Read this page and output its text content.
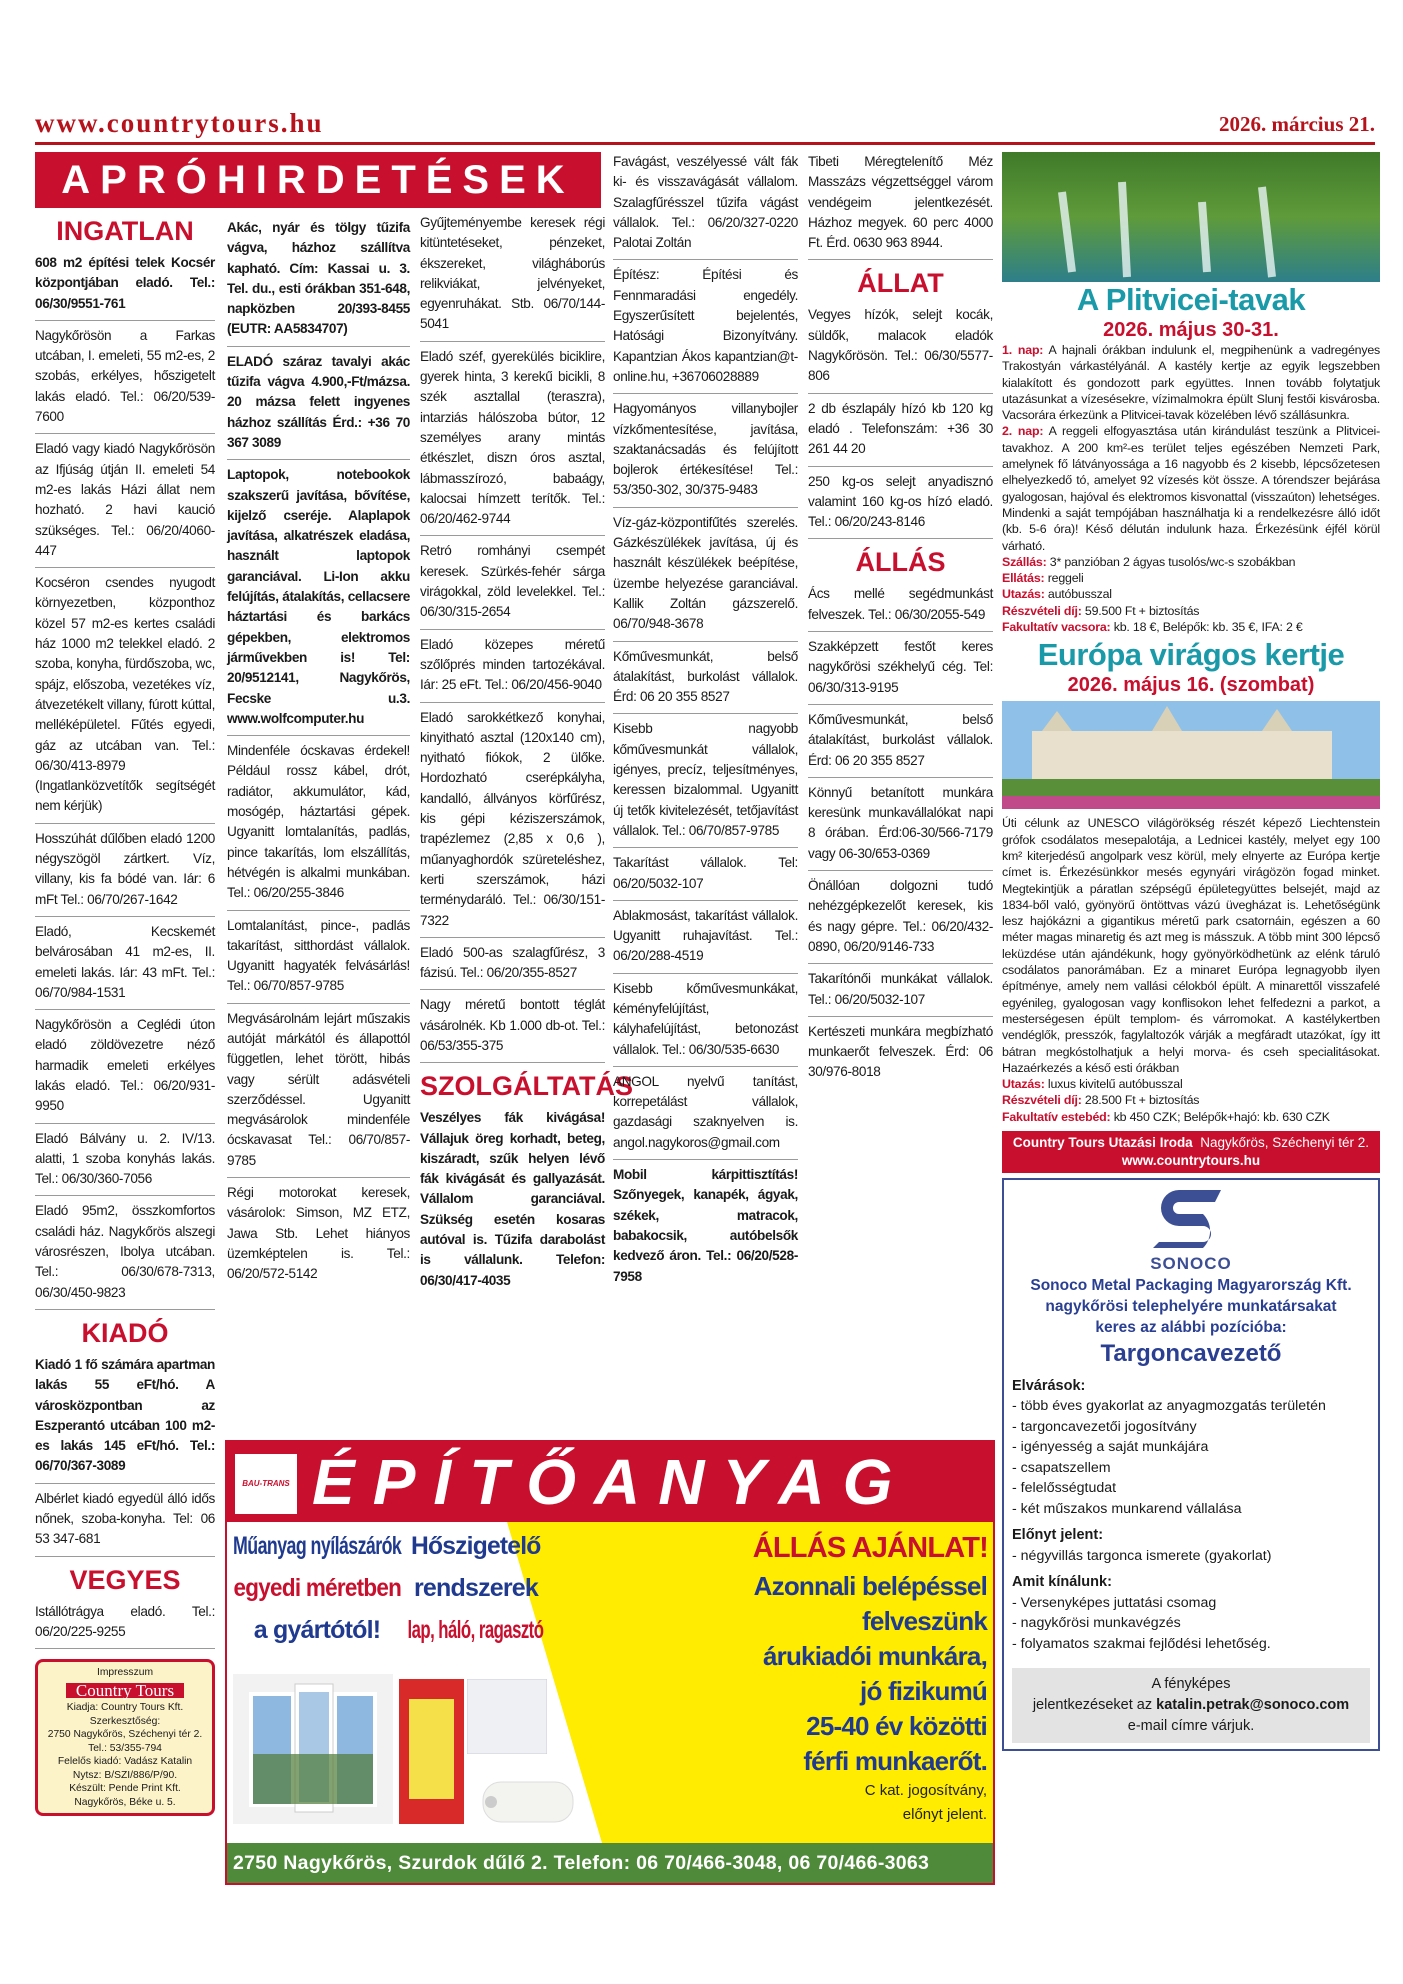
www.countrytours.hu	2026. március 21.
APRÓHIRDETÉSEK
INGATLAN
608 m2 építési telek Kocsér központjában eladó. Tel.: 06/30/9551-761
Nagykőrösön a Farkas utcában, I. emeleti, 55 m2-es, 2 szobás, erkélyes, hőszigetelt lakás eladó. Tel.: 06/20/539-7600
Eladó vagy kiadó Nagykőrösön az Ifjúság útján II. emeleti 54 m2-es lakás Házi állat nem hozható. 2 havi kaució szükséges. Tel.: 06/20/4060-447
Kocséron csendes nyugodt környezetben, központhoz közel 57 m2-es kertes családi ház 1000 m2 telekkel eladó. 2 szoba, konyha, fürdőszoba, wc, spájz, előszoba, vezetékes víz, átvezetékelt villany, fúrott kúttal, melléképületel. Fűtés egyedi, gáz az utcában van. Tel.: 06/30/413-8979 (Ingatlanközvetítők segítségét nem kérjük)
Hosszúhát dűlőben eladó 1200 négyszögöl zártkert. Víz, villany, kis fa bódé van. Iár: 6 mFt Tel.: 06/70/267-1642
Eladó, Kecskemét belvárosában 41 m2-es, II. emeleti lakás. Iár: 43 mFt. Tel.: 06/70/984-1531
Nagykőrösön a Ceglédi úton eladó zöldövezetre néző harmadik emeleti erkélyes lakás eladó. Tel.: 06/20/931-9950
Eladó Bálvány u. 2. IV/13. alatti, 1 szoba konyhás lakás. Tel.: 06/30/360-7056
Eladó 95m2, összkomfortos családi ház. Nagykőrös alszegi városrészen, Ibolya utcában. Tel.: 06/30/678-7313, 06/30/450-9823
KIADÓ
Kiadó 1 fő számára apartman lakás 55 eFt/hó. A városközpontban az Eszperantó utcában 100 m2-es lakás 145 eFt/hó. Tel.: 06/70/367-3089
Albérlet kiadó egyedül álló idős nőnek, szoba-konyha. Tel: 06 53 347-681
VEGYES
Istállótrágya eladó. Tel.: 06/20/225-9255
Impresszum
Country Tours
Kiadja: Country Tours Kft.
Szerkesztőség:
2750 Nagykőrös, Széchenyi tér 2.
Tel.: 53/355-794
Felelős kiadó: Vadász Katalin
Nytsz: B/SZI/886/P/90.
Készült: Pende Print Kft.
Nagykőrös, Béke u. 5.
Akác, nyár és tölgy tűzifa vágva, házhoz szállítva kapható. Cím: Kassai u. 3. Tel. du., esti órákban 351-648, napközben 20/393-8455 (EUTR: AA5834707)
ELADÓ száraz tavalyi akác tűzifa vágva 4.900,-Ft/mázsa. 20 mázsa felett ingyenes házhoz szállítás Érd.: +36 70 367 3089
Laptopok, notebookok szakszerű javítása, bővítése, kijelző cseréje. Alaplapok javítása, alkatrészek eladása, használt laptopok garanciával. Li-Ion akku felújítás, átalakítás, cellacsere háztartási és barkács gépekben, elektromos járművekben is! Tel: 20/9512141, Nagykőrös, Fecske u.3. www.wolfcomputer.hu
Mindenféle ócskavas érdekel! Például rossz kábel, drót, radiátor, akkumulátor, kád, mosógép, háztartási gépek. Ugyanitt lomtalanítás, padlás, pince takarítás, lom elszállítás, hétvégén is alkalmi munkában. Tel.: 06/20/255-3846
Lomtalanítást, pince-, padlás takarítást, sitthordást vállalok. Ugyanitt hagyaték felvásárlás! Tel.: 06/70/857-9785
Megvásárolnám lejárt műszakis autóját márkától és állapottól független, lehet törött, hibás vagy sérült adásvételi szerződéssel. Ugyanitt megvásárolok mindenféle ócskavasat Tel.: 06/70/857-9785
Régi motorokat keresek, vásárolok: Simson, MZ ETZ, Jawa Stb. Lehet hiányos üzemképtelen is. Tel.: 06/20/572-5142
Gyűjteményembe keresek régi kitüntetéseket, pénzeket, ékszereket, világháborús relikviákat, jelvényeket, egyenruhákat. Stb. 06/70/144-5041
Eladó széf, gyerekülés biciklire, gyerek hinta, 3 kerekű bicikli, 8 szék asztallal (teraszra), intarziás hálószoba bútor, 12 személyes arany mintás étkészlet, diszn óros asztal, lábmasszírozó, babaágy, kalocsai hímzett terítők. Tel.: 06/20/462-9744
Retró romhányi csempét keresek. Szürkés-fehér sárga virágokkal, zöld levelekkel. Tel.: 06/30/315-2654
Eladó közepes méretű szőlőprés minden tartozékával. Iár: 25 eFt. Tel.: 06/20/456-9040
Eladó sarokkétkező konyhai, kinyitható asztal (120x140 cm), nyitható fiókok, 2 ülőke. Hordozható cserépkályha, kandalló, állványos körfűrész, kis gépi kéziszerszámok, trapézlemez (2,85 x 0,6 ), műanyaghordók szüreteléshez, kerti szerszámok, házi terménydaráló. Tel.: 06/30/151-7322
Eladó 500-as szalagfűrész, 3 fázisú. Tel.: 06/20/355-8527
Nagy méretű bontott téglát vásárolnék. Kb 1.000 db-ot. Tel.: 06/53/355-375
SZOLGÁLTATÁS
Veszélyes fák kivágása! Vállajuk öreg korhadt, beteg, kiszáradt, szűk helyen lévő fák kivágását és gallyazását. Vállalom garanciával. Szükség esetén kosaras autóval is. Tűzifa darabolást is vállalunk. Telefon: 06/30/417-4035
Favágást, veszélyessé vált fák ki- és visszavágását vállalom. Szalagfűrésszel tűzifa vágást vállalok. Tel.: 06/20/327-0220 Palotai Zoltán
Építész: Építési és Fennmaradási engedély. Egyszerűsített bejelentés, Hatósági Bizonyítvány. Kapantzian Ákos kapantzian@t-online.hu, +36706028889
Hagyományos villanybojler vízkőmentesítése, javítása, szaktanácsadás és felújított bojlerok értékesítése! Tel.: 53/350-302, 30/375-9483
Víz-gáz-központifűtés szerelés. Gázkészülékek javítása, új és használt készülékek beépítése, üzembe helyezése garanciával. Kallik Zoltán gázszerelő. 06/70/948-3678
Kőművesmunkát, belső átalakítást, burkolást vállalok. Érd: 06 20 355 8527
Kisebb nagyobb kőművesmunkát vállalok, igényes, precíz, teljesítményes, keressen bizalommal. Ugyanitt új tetők kivitelezését, tetőjavítást vállalok. Tel.: 06/70/857-9785
Takarítást vállalok. Tel: 06/20/5032-107
Ablakmosást, takarítást vállalok. Ugyanitt ruhajavítást. Tel.: 06/20/288-4519
Kisebb kőművesmunkákat, kéményfelújítást, kályhafelújítást, betonozást vállalok. Tel.: 06/30/535-6630
ANGOL nyelvű tanítást, korrepetálást vállalok, gazdasági szaknyelven is. angol.nagykoros@gmail.com
Mobil kárpittisztítás! Szőnyegek, kanapék, ágyak, székek, matracok, babakocsik, autóbelsők kedvező áron. Tel.: 06/20/528-7958
Tibeti Méregtelenítő Méz Masszázs végzettséggel várom vendégeim jelentkezését. Házhoz megyek. 60 perc 4000 Ft. Érd. 0630 963 8944.
ÁLLAT
Vegyes hízók, selejt kocák, süldők, malacok eladók Nagykőrösön. Tel.: 06/30/5577-806
2 db észlapály hízó kb 120 kg eladó . Telefonszám: +36 30 261 44 20
250 kg-os selejt anyadisznó valamint 160 kg-os hízó eladó. Tel.: 06/20/243-8146
ÁLLÁS
Ács mellé segédmunkást felveszek. Tel.: 06/30/2055-549
Szakképzett festőt keres nagykőrösi székhelyű cég. Tel: 06/30/313-9195
Kőművesmunkát, belső átalakítást, burkolást vállalok. Érd: 06 20 355 8527
Könnyű betanított munkára keresünk munkavállalókat napi 8 órában. Érd:06-30/566-7179 vagy 06-30/653-0369
Önállóan dolgozni tudó nehézgépkezelőt keresek, kis és nagy gépre. Tel.: 06/20/432-0890, 06/20/9146-733
Takarítónői munkákat vállalok. Tel.: 06/20/5032-107
Kertészeti munkára megbízható munkaerőt felveszek. Érd: 06 30/976-8018
A Plitvicei-tavak
2026. május 30-31.
1. nap: A hajnali órákban indulunk el, megpihenünk a vadregényes Trakostyán várkastélyánál. A kastély kertje az egyik legszebben kialakított és gondozott park együttes. Innen tovább folytatjuk utazásunkat a vízesésekre, vízimalmokra épült Slunj festői kisvárosba. Vacsorára érkezünk a Plitvicei-tavak közelében lévő szállásunkra.
2. nap: A reggeli elfogyasztása után kirándulást teszünk a Plitvicei-tavakhoz. A 200 km²-es terület teljes egészében Nemzeti Park, amelynek fő látványossága a 16 nagyobb és 2 kisebb, lépcsőzetesen elhelyezkedő tó, amelyet 92 vízesés köt össze. A tórendszer bejárása gyalogosan, hajóval és elektromos kisvonattal (visszaúton) lehetséges. Mindenki a saját tempójában használhatja ki a rendelkezésre álló időt (kb. 5-6 óra)! Késő délután indulunk haza. Érkezésünk éjfél körül várható.
Szállás: 3* panzióban 2 ágyas tusolós/wc-s szobákban
Ellátás: reggeli
Utazás: autóbusszal
Részvételi díj: 59.500 Ft + biztosítás
Fakultatív vacsora: kb. 18 €, Belépők: kb. 35 €, IFA: 2 €
Európa virágos kertje
2026. május 16. (szombat)
Úti célunk az UNESCO világörökség részét képező Liechtenstein grófok csodálatos mesepalotája, a Lednicei kastély, melyet egy 100 km² kiterjedésű angolpark vesz körül, mely elnyerte az Európa kertje címet is. Érkezésünkkor mesés egynyári virágözön fogad minket. Megtekintjük a páratlan szépségű épületegyüttes belsejét, majd az 1834-ből való, gyönyörű öntöttvas vázú üvegházat is. Lehetőségünk lesz hajókázni a gigantikus méretű park csatornáin, egészen a 60 méter magas minaretig és azt meg is másszuk. A több mint 300 lépcső leküzdése után ajándékunk, hogy gyönyörködhetünk az elénk táruló csodálatos panorámában. Ez a minaret Európa legnagyobb ilyen építménye, amely nem vallási célokból épült. A minarettől visszafelé egyénileg, gyalogosan vagy konflisokon lehet felfedezni a parkot, a mesterségesen épült templom- és várromokat. A kastélykertben vendéglők, presszók, fagylaltozók várják a megfáradt utazókat, így itt bátran megkóstolhatjuk a helyi morva- és cseh specialitásokat. Hazaérkezés a késő esti órákban
Utazás: luxus kivitelű autóbusszal
Részvételi díj: 28.500 Ft + biztosítás
Fakultatív estebéd: kb 450 CZK; Belépők+hajó: kb. 630 CZK
Country Tours Utazási Iroda Nagykőrös, Széchenyi tér 2.
www.countrytours.hu
SONOCO
Sonoco Metal Packaging Magyarország Kft.
nagykőrösi telephelyére munkatársakat
keres az alábbi pozícióba:
Targoncavezető
Elvárások:
- több éves gyakorlat az anyagmozgatás területén
- targoncavezetői jogosítvány
- igényesség a saját munkájára
- csapatszellem
- felelősségtudat
- két műszakos munkarend vállalása
Előnyt jelent:
- négyvillás targonca ismerete (gyakorlat)
Amit kínálunk:
- Versenyképes juttatási csomag
- nagykőrösi munkavégzés
- folyamatos szakmai fejlődési lehetőség.
A fényképes
jelentkezéseket az katalin.petrak@sonoco.com
e-mail címre várjuk.
BAU-TRANS ÉPÍTŐANYAG
Műanyag nyílászárók
egyedi méretben
a gyártótól!
Hőszigetelő
rendszerek
lap, háló, ragasztó
ÁLLÁS AJÁNLAT!
Azonnali belépéssel
felveszünk
árukiadói munkára,
jó fizikumú
25-40 év közötti
férfi munkaerőt.
C kat. jogosítvány,
előnyt jelent.
2750 Nagykőrös, Szurdok dűlő 2. Telefon: 06 70/466-3048, 06 70/466-3063
